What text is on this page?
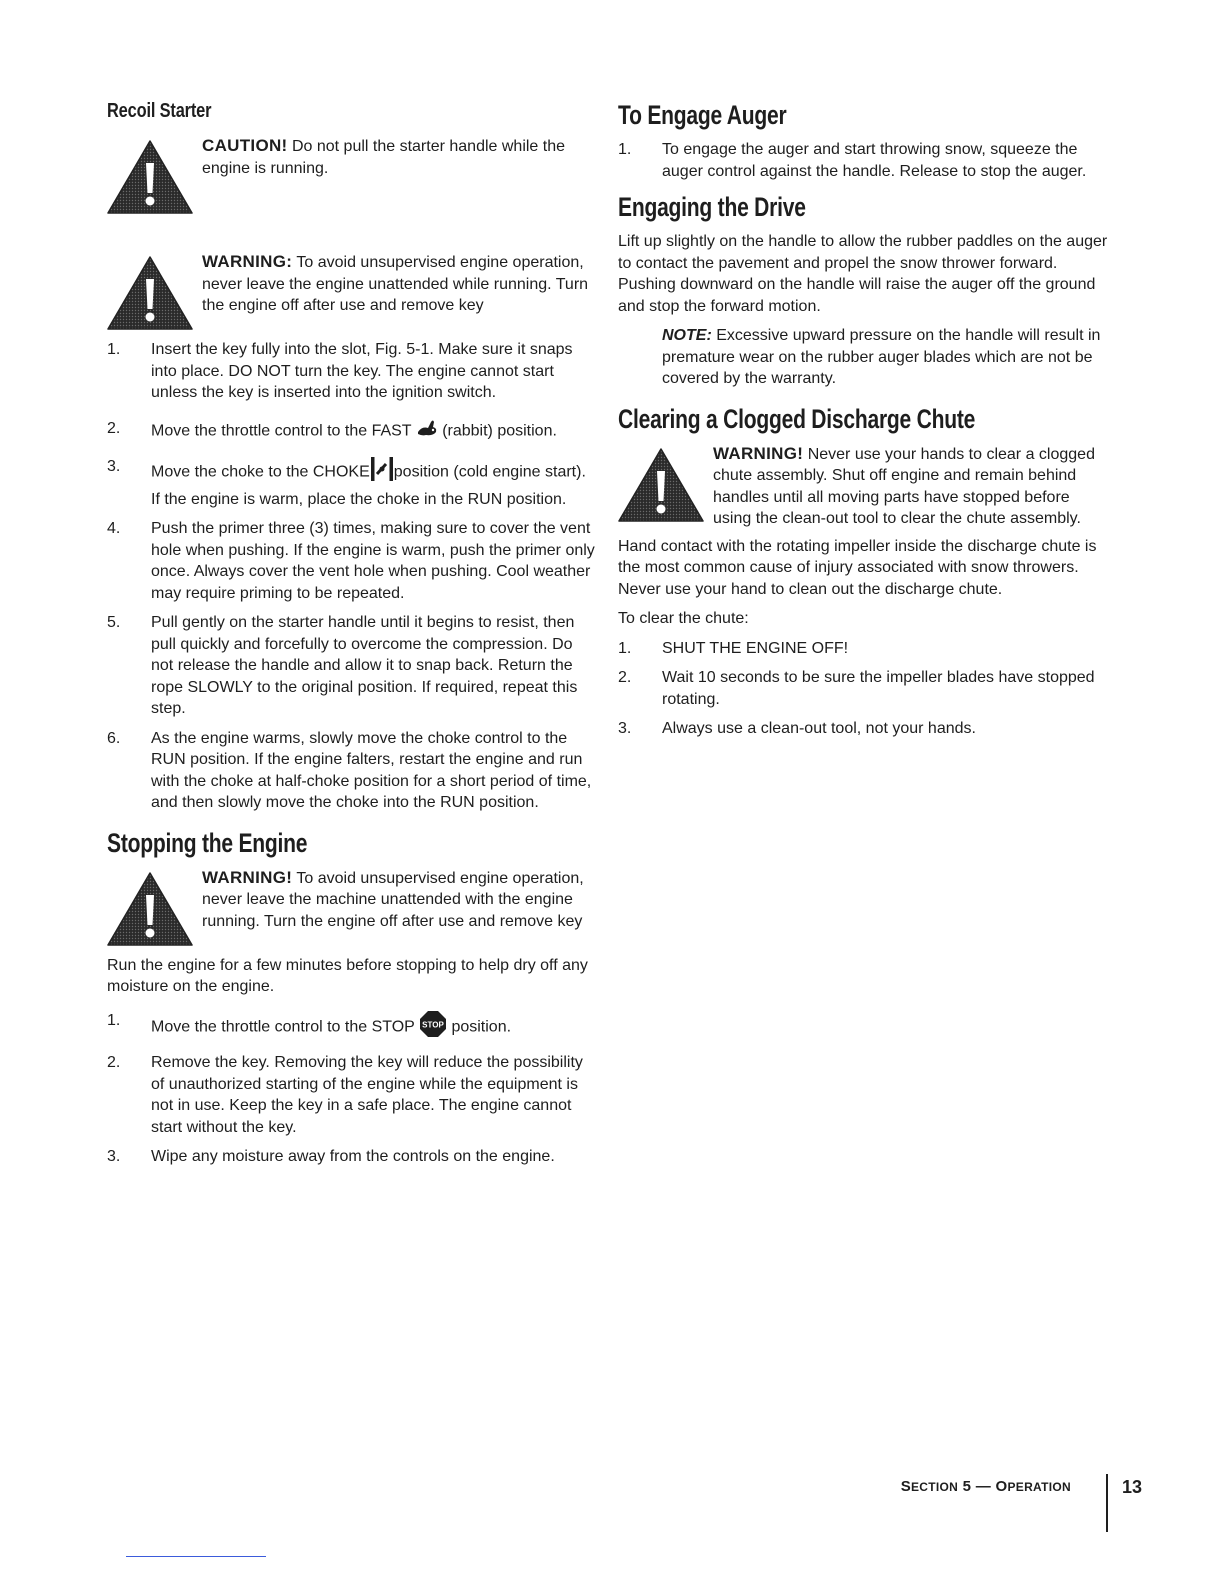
Recoil Starter

CAUTION! Do not pull the starter handle while the engine is running.

WARNING: To avoid unsupervised engine operation, never leave the engine unattended while running. Turn the engine off after use and remove key

1. Insert the key fully into the slot, Fig. 5-1. Make sure it snaps into place. DO NOT turn the key. The engine cannot start unless the key is inserted into the ignition switch.
2. Move the throttle control to the FAST (rabbit) position.
3. Move the choke to the CHOKE position (cold engine start). If the engine is warm, place the choke in the RUN position.
4. Push the primer three (3) times, making sure to cover the vent hole when pushing. If the engine is warm, push the primer only once. Always cover the vent hole when pushing. Cool weather may require priming to be repeated.
5. Pull gently on the starter handle until it begins to resist, then pull quickly and forcefully to overcome the compression. Do not release the handle and allow it to snap back. Return the rope SLOWLY to the original position. If required, repeat this step.
6. As the engine warms, slowly move the choke control to the RUN position. If the engine falters, restart the engine and run with the choke at half-choke position for a short period of time, and then slowly move the choke into the RUN position.
Stopping the Engine

WARNING! To avoid unsupervised engine operation, never leave the machine unattended with the engine running. Turn the engine off after use and remove key

Run the engine for a few minutes before stopping to help dry off any moisture on the engine.

1. Move the throttle control to the STOP STOP position.
2. Remove the key. Removing the key will reduce the possibility of unauthorized starting of the engine while the equipment is not in use. Keep the key in a safe place. The engine cannot start without the key.
3. Wipe any moisture away from the controls on the engine.
To Engage Auger
1. To engage the auger and start throwing snow, squeeze the auger control against the handle. Release to stop the auger.
Engaging the Drive

Lift up slightly on the handle to allow the rubber paddles on the auger to contact the pavement and propel the snow thrower forward. Pushing downward on the handle will raise the auger off the ground and stop the forward motion.

NOTE: Excessive upward pressure on the handle will result in premature wear on the rubber auger blades which are not be covered by the warranty.

Clearing a Clogged Discharge Chute

WARNING! Never use your hands to clear a clogged chute assembly. Shut off engine and remain behind handles until all moving parts have stopped before using the clean-out tool to clear the chute assembly.

Hand contact with the rotating impeller inside the discharge chute is the most common cause of injury associated with snow throwers. Never use your hand to clean out the discharge chute.

To clear the chute:

1. SHUT THE ENGINE OFF!
2. Wait 10 seconds to be sure the impeller blades have stopped rotating.
3. Always use a clean-out tool, not your hands.
SECTION 5 — OPERATION	13
